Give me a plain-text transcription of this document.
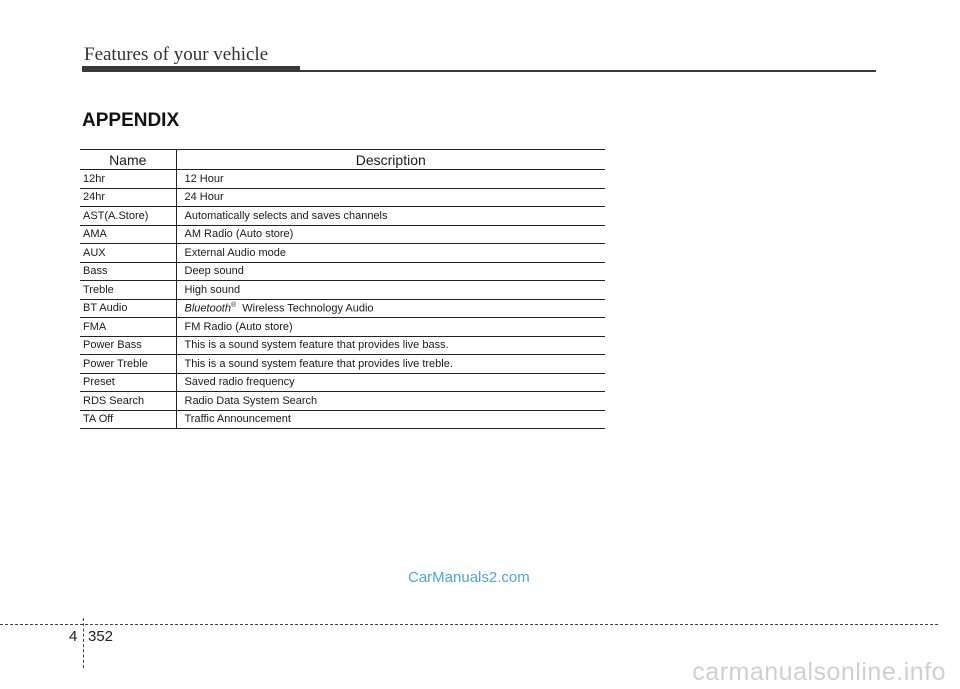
Features of your vehicle
APPENDIX
Name	Description
12hr	12 Hour
24hr	24 Hour
AST(A.Store)	Automatically selects and saves channels
AMA	AM Radio (Auto store)
AUX	External Audio mode
Bass	Deep sound
Treble	High sound
BT Audio	Bluetooth® Wireless Technology Audio
FMA	FM Radio (Auto store)
Power Bass	This is a sound system feature that provides live bass.
Power Treble	This is a sound system feature that provides live treble.
Preset	Saved radio frequency
RDS Search	Radio Data System Search
TA Off	Traffic Announcement
CarManuals2.com
4 352
carmanualsonline.info
